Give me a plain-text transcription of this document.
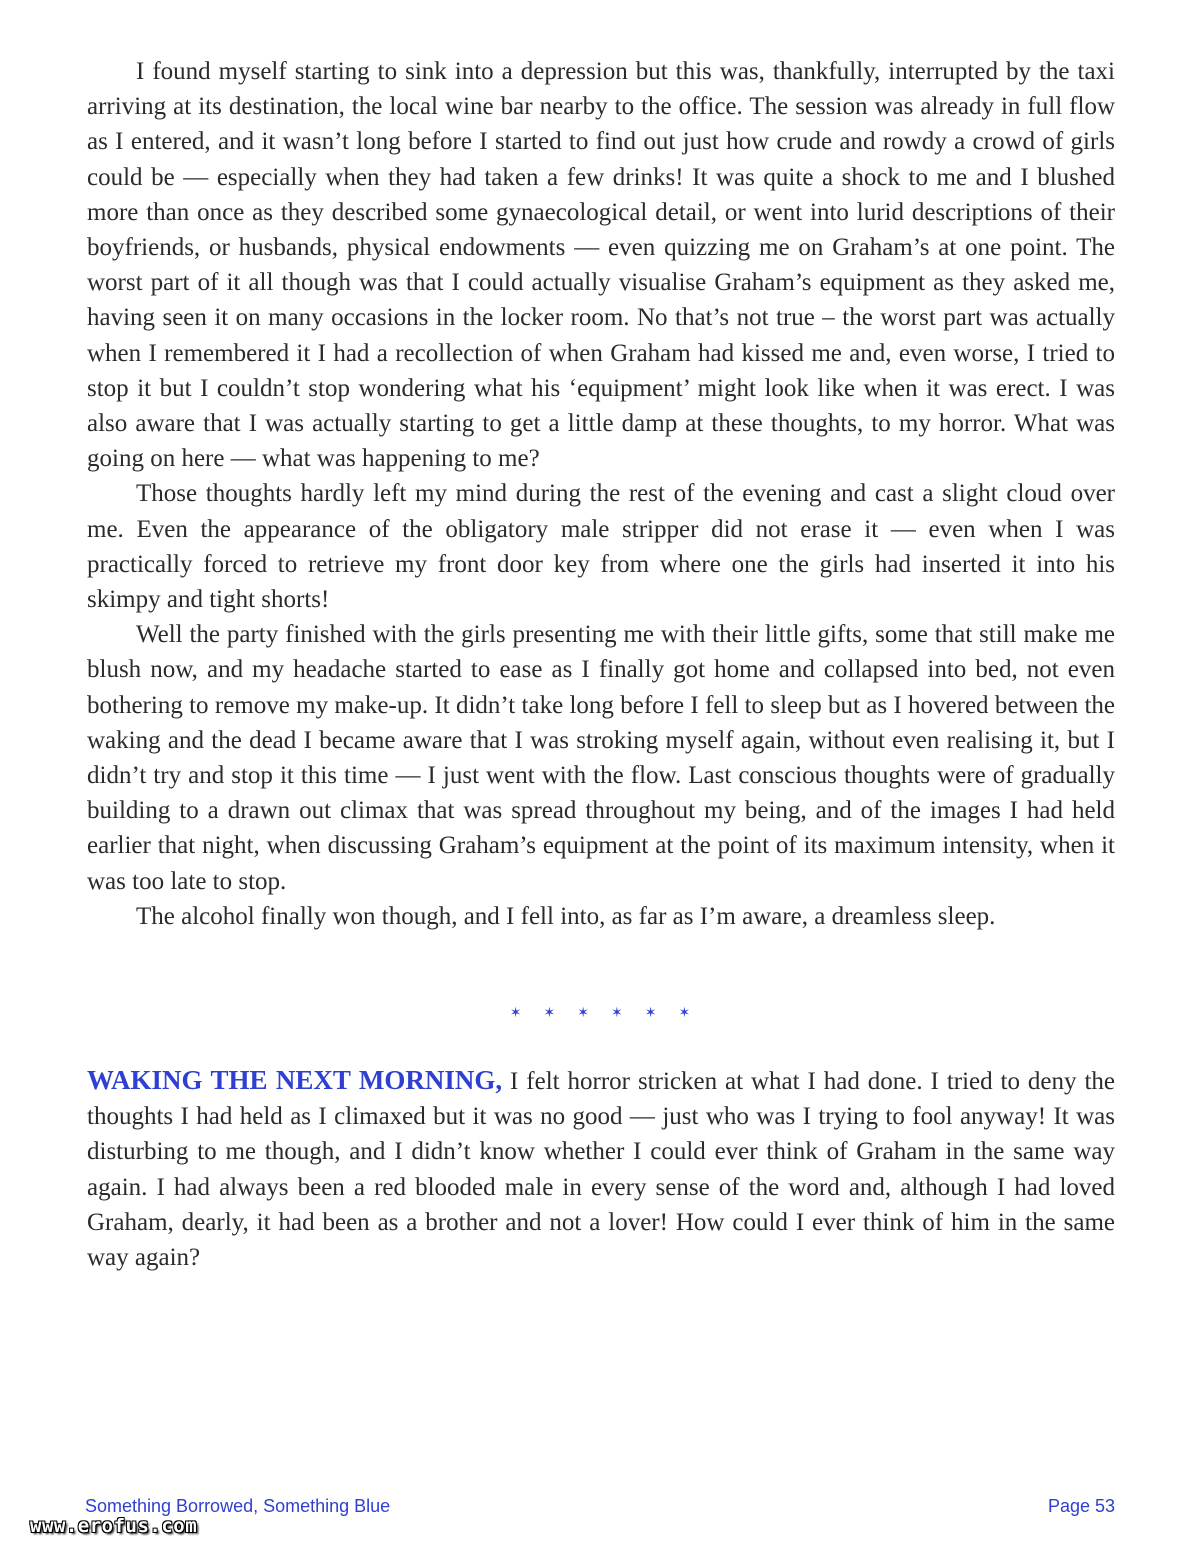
I found myself starting to sink into a depression but this was, thankfully, interrupted by the taxi arriving at its destination, the local wine bar nearby to the office. The session was already in full flow as I entered, and it wasn’t long before I started to find out just how crude and rowdy a crowd of girls could be — especially when they had taken a few drinks! It was quite a shock to me and I blushed more than once as they described some gynaecological detail, or went into lurid descriptions of their boyfriends, or husbands, physical endowments — even quizzing me on Graham’s at one point. The worst part of it all though was that I could actually visualise Graham’s equipment as they asked me, having seen it on many occasions in the locker room. No that’s not true – the worst part was actually when I remembered it I had a recollection of when Graham had kissed me and, even worse, I tried to stop it but I couldn’t stop wondering what his ‘equipment’ might look like when it was erect. I was also aware that I was actually starting to get a little damp at these thoughts, to my horror. What was going on here — what was happening to me?

Those thoughts hardly left my mind during the rest of the evening and cast a slight cloud over me. Even the appearance of the obligatory male stripper did not erase it — even when I was practically forced to retrieve my front door key from where one the girls had inserted it into his skimpy and tight shorts!

Well the party finished with the girls presenting me with their little gifts, some that still make me blush now, and my headache started to ease as I finally got home and collapsed into bed, not even bothering to remove my make-up. It didn’t take long before I fell to sleep but as I hovered between the waking and the dead I became aware that I was stroking myself again, without even realising it, but I didn’t try and stop it this time — I just went with the flow. Last conscious thoughts were of gradually building to a drawn out climax that was spread throughout my being, and of the images I had held earlier that night, when discussing Graham’s equipment at the point of its maximum intensity, when it was too late to stop.

The alcohol finally won though, and I fell into, as far as I’m aware, a dreamless sleep.

✶✶✶✶✶✶

WAKING THE NEXT MORNING, I felt horror stricken at what I had done. I tried to deny the thoughts I had held as I climaxed but it was no good — just who was I trying to fool anyway! It was disturbing to me though, and I didn’t know whether I could ever think of Graham in the same way again. I had always been a red blooded male in every sense of the word and, although I had loved Graham, dearly, it had been as a brother and not a lover! How could I ever think of him in the same way again?

Something Borrowed, Something Blue	Page 53
www.erofus.com
